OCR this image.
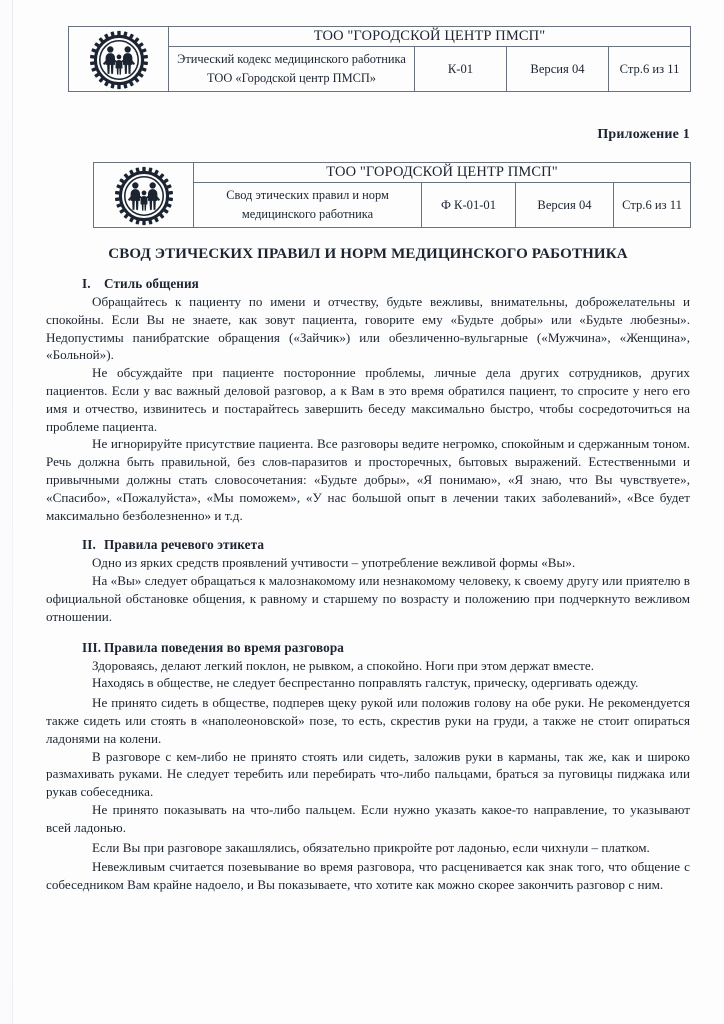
	ТОО "ГОРОДСКОЙ ЦЕНТР ПМСП"			

	Этический кодекс медицинского работника
ТОО «Городской центр ПМСП»	К-01	Версия 04	Стр.6 из 11
Приложение 1
	ТОО "ГОРОДСКОЙ ЦЕНТР ПМСП"			

	Свод этических правил и норм
медицинского работника	Ф К-01-01	Версия 04	Стр.6 из 11
СВОД ЭТИЧЕСКИХ ПРАВИЛ И НОРМ МЕДИЦИНСКОГО РАБОТНИКА
I. Стиль общения

Обращайтесь к пациенту по имени и отчеству, будьте вежливы, внимательны, доброжелательны и спокойны. Если Вы не знаете, как зовут пациента, говорите ему «Будьте добры» или «Будьте любезны». Недопустимы панибратские обращения («Зайчик») или обезличенно-вульгарные («Мужчина», «Женщина», «Больной»).

Не обсуждайте при пациенте посторонние проблемы, личные дела других сотрудников, других пациентов. Если у вас важный деловой разговор, а к Вам в это время обратился пациент, то спросите у него его имя и отчество, извинитесь и постарайтесь завершить беседу максимально быстро, чтобы сосредоточиться на проблеме пациента.

Не игнорируйте присутствие пациента. Все разговоры ведите негромко, спокойным и сдержанным тоном. Речь должна быть правильной, без слов-паразитов и просторечных, бытовых выражений. Естественными и привычными должны стать словосочетания: «Будьте добры», «Я понимаю», «Я знаю, что Вы чувствуете», «Спасибо», «Пожалуйста», «Мы поможем», «У нас большой опыт в лечении таких заболеваний», «Все будет максимально безболезненно» и т.д.

II. Правила речевого этикета

Одно из ярких средств проявлений учтивости – употребление вежливой формы «Вы».

На «Вы» следует обращаться к малознакомому или незнакомому человеку, к своему другу или приятелю в официальной обстановке общения, к равному и старшему по возрасту и положению при подчеркнуто вежливом отношении.

III. Правила поведения во время разговора

Здороваясь, делают легкий поклон, не рывком, а спокойно. Ноги при этом держат вместе.

Находясь в обществе, не следует беспрестанно поправлять галстук, прическу, одергивать одежду.

Не принято сидеть в обществе, подперев щеку рукой или положив голову на обе руки. Не рекомендуется также сидеть или стоять в «наполеоновской» позе, то есть, скрестив руки на груди, а также не стоит опираться ладонями на колени.

В разговоре с кем-либо не принято стоять или сидеть, заложив руки в карманы, так же, как и широко размахивать руками. Не следует теребить или перебирать что-либо пальцами, браться за пуговицы пиджака или рукав собеседника.

Не принято показывать на что-либо пальцем. Если нужно указать какое-то направление, то указывают всей ладонью.

Если Вы при разговоре закашлялись, обязательно прикройте рот ладонью, если чихнули – платком.

Невежливым считается позевывание во время разговора, что расценивается как знак того, что общение с собеседником Вам крайне надоело, и Вы показываете, что хотите как можно скорее закончить разговор с ним.
